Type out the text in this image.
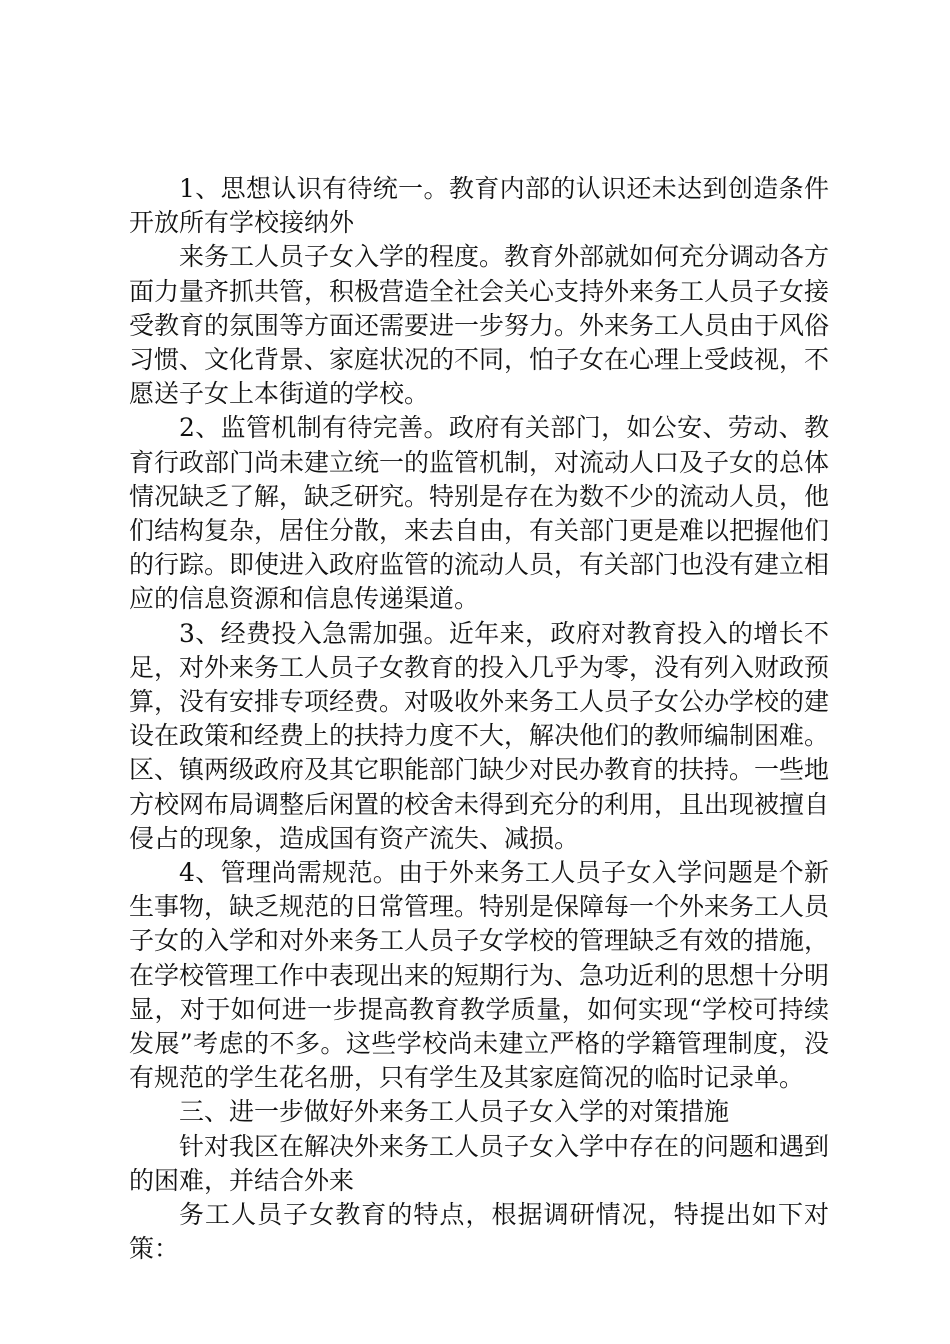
1、思想认识有待统一。教育内部的认识还未达到创造条件开放所有学校接纳外

来务工人员子女入学的程度。教育外部就如何充分调动各方面力量齐抓共管，积极营造全社会关心支持外来务工人员子女接受教育的氛围等方面还需要进一步努力。外来务工人员由于风俗习惯、文化背景、家庭状况的不同，怕子女在心理上受歧视，不愿送子女上本街道的学校。

2、监管机制有待完善。政府有关部门，如公安、劳动、教育行政部门尚未建立统一的监管机制，对流动人口及子女的总体情况缺乏了解，缺乏研究。特别是存在为数不少的流动人员，他们结构复杂，居住分散，来去自由，有关部门更是难以把握他们的行踪。即使进入政府监管的流动人员，有关部门也没有建立相应的信息资源和信息传递渠道。

3、经费投入急需加强。近年来，政府对教育投入的增长不足，对外来务工人员子女教育的投入几乎为零，没有列入财政预算，没有安排专项经费。对吸收外来务工人员子女公办学校的建设在政策和经费上的扶持力度不大，解决他们的教师编制困难。区、镇两级政府及其它职能部门缺少对民办教育的扶持。一些地方校网布局调整后闲置的校舍未得到充分的利用，且出现被擅自侵占的现象，造成国有资产流失、减损。

4、管理尚需规范。由于外来务工人员子女入学问题是个新生事物，缺乏规范的日常管理。特别是保障每一个外来务工人员子女的入学和对外来务工人员子女学校的管理缺乏有效的措施，在学校管理工作中表现出来的短期行为、急功近利的思想十分明显，对于如何进一步提高教育教学质量，如何实现“学校可持续发展”考虑的不多。这些学校尚未建立严格的学籍管理制度，没有规范的学生花名册，只有学生及其家庭简况的临时记录单。

三、进一步做好外来务工人员子女入学的对策措施

针对我区在解决外来务工人员子女入学中存在的问题和遇到的困难，并结合外来

务工人员子女教育的特点，根据调研情况，特提出如下对策：
